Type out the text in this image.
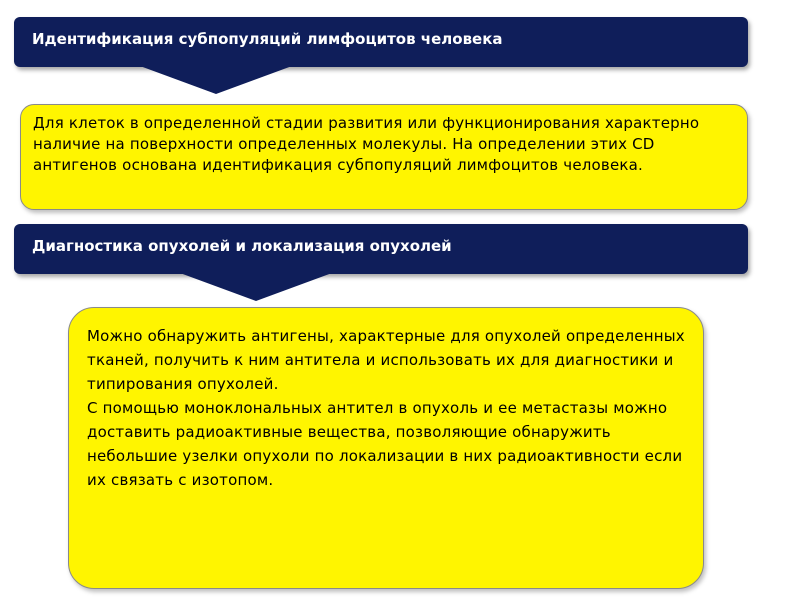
Идентификация субпопуляций лимфоцитов человека

Для клеток в определенной стадии развития или функционирования характерно наличие на поверхности определенных молекулы. На определении этих CD антигенов основана идентификация субпопуляций лимфоцитов человека.

Диагностика опухолей и локализация опухолей

Можно обнаружить антигены, характерные для опухолей определенных тканей, получить к ним антитела и использовать их для диагностики и типирования опухолей.

С помощью моноклональных антител в опухоль и ее метастазы можно доставить радиоактивные вещества, позволяющие обнаружить небольшие узелки опухоли по локализации в них радиоактивности если их связать с изотопом.
